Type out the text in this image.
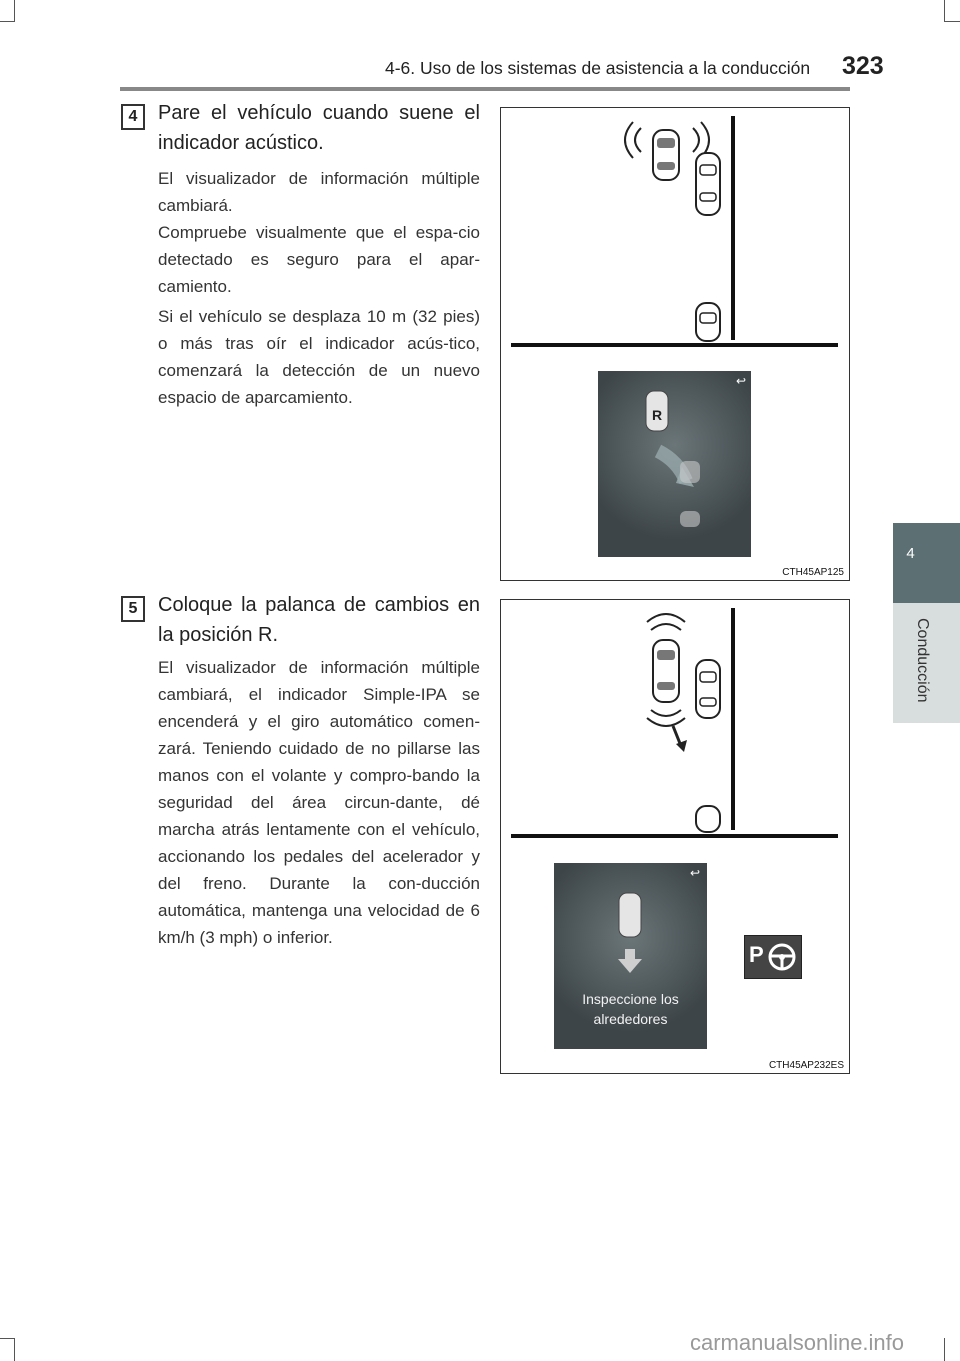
4-6. Uso de los sistemas de asistencia a la conducción 323
4
Conducción
4	Pare el vehículo cuando suene el indicador acústico.
El visualizador de información múltiple cambiará.
Compruebe visualmente que el espa-cio detectado es seguro para el apar-camiento.
Si el vehículo se desplaza 10 m (32 pies) o más tras oír el indicador acús-tico, comenzará la detección de un nuevo espacio de aparcamiento.
↩
R
CTH45AP125
5	Coloque la palanca de cambios en la posición R.
El visualizador de información múltiple cambiará, el indicador Simple-IPA se encenderá y el giro automático comen-zará. Teniendo cuidado de no pillarse las manos con el volante y compro-bando la seguridad del área circun-dante, dé marcha atrás lentamente con el vehículo, accionando los pedales del acelerador y del freno. Durante la con-ducción automática, mantenga una velocidad de 6 km/h (3 mph) o inferior.
↩
Inspeccione los alrededores
P
CTH45AP232ES
carmanualsonline.info
